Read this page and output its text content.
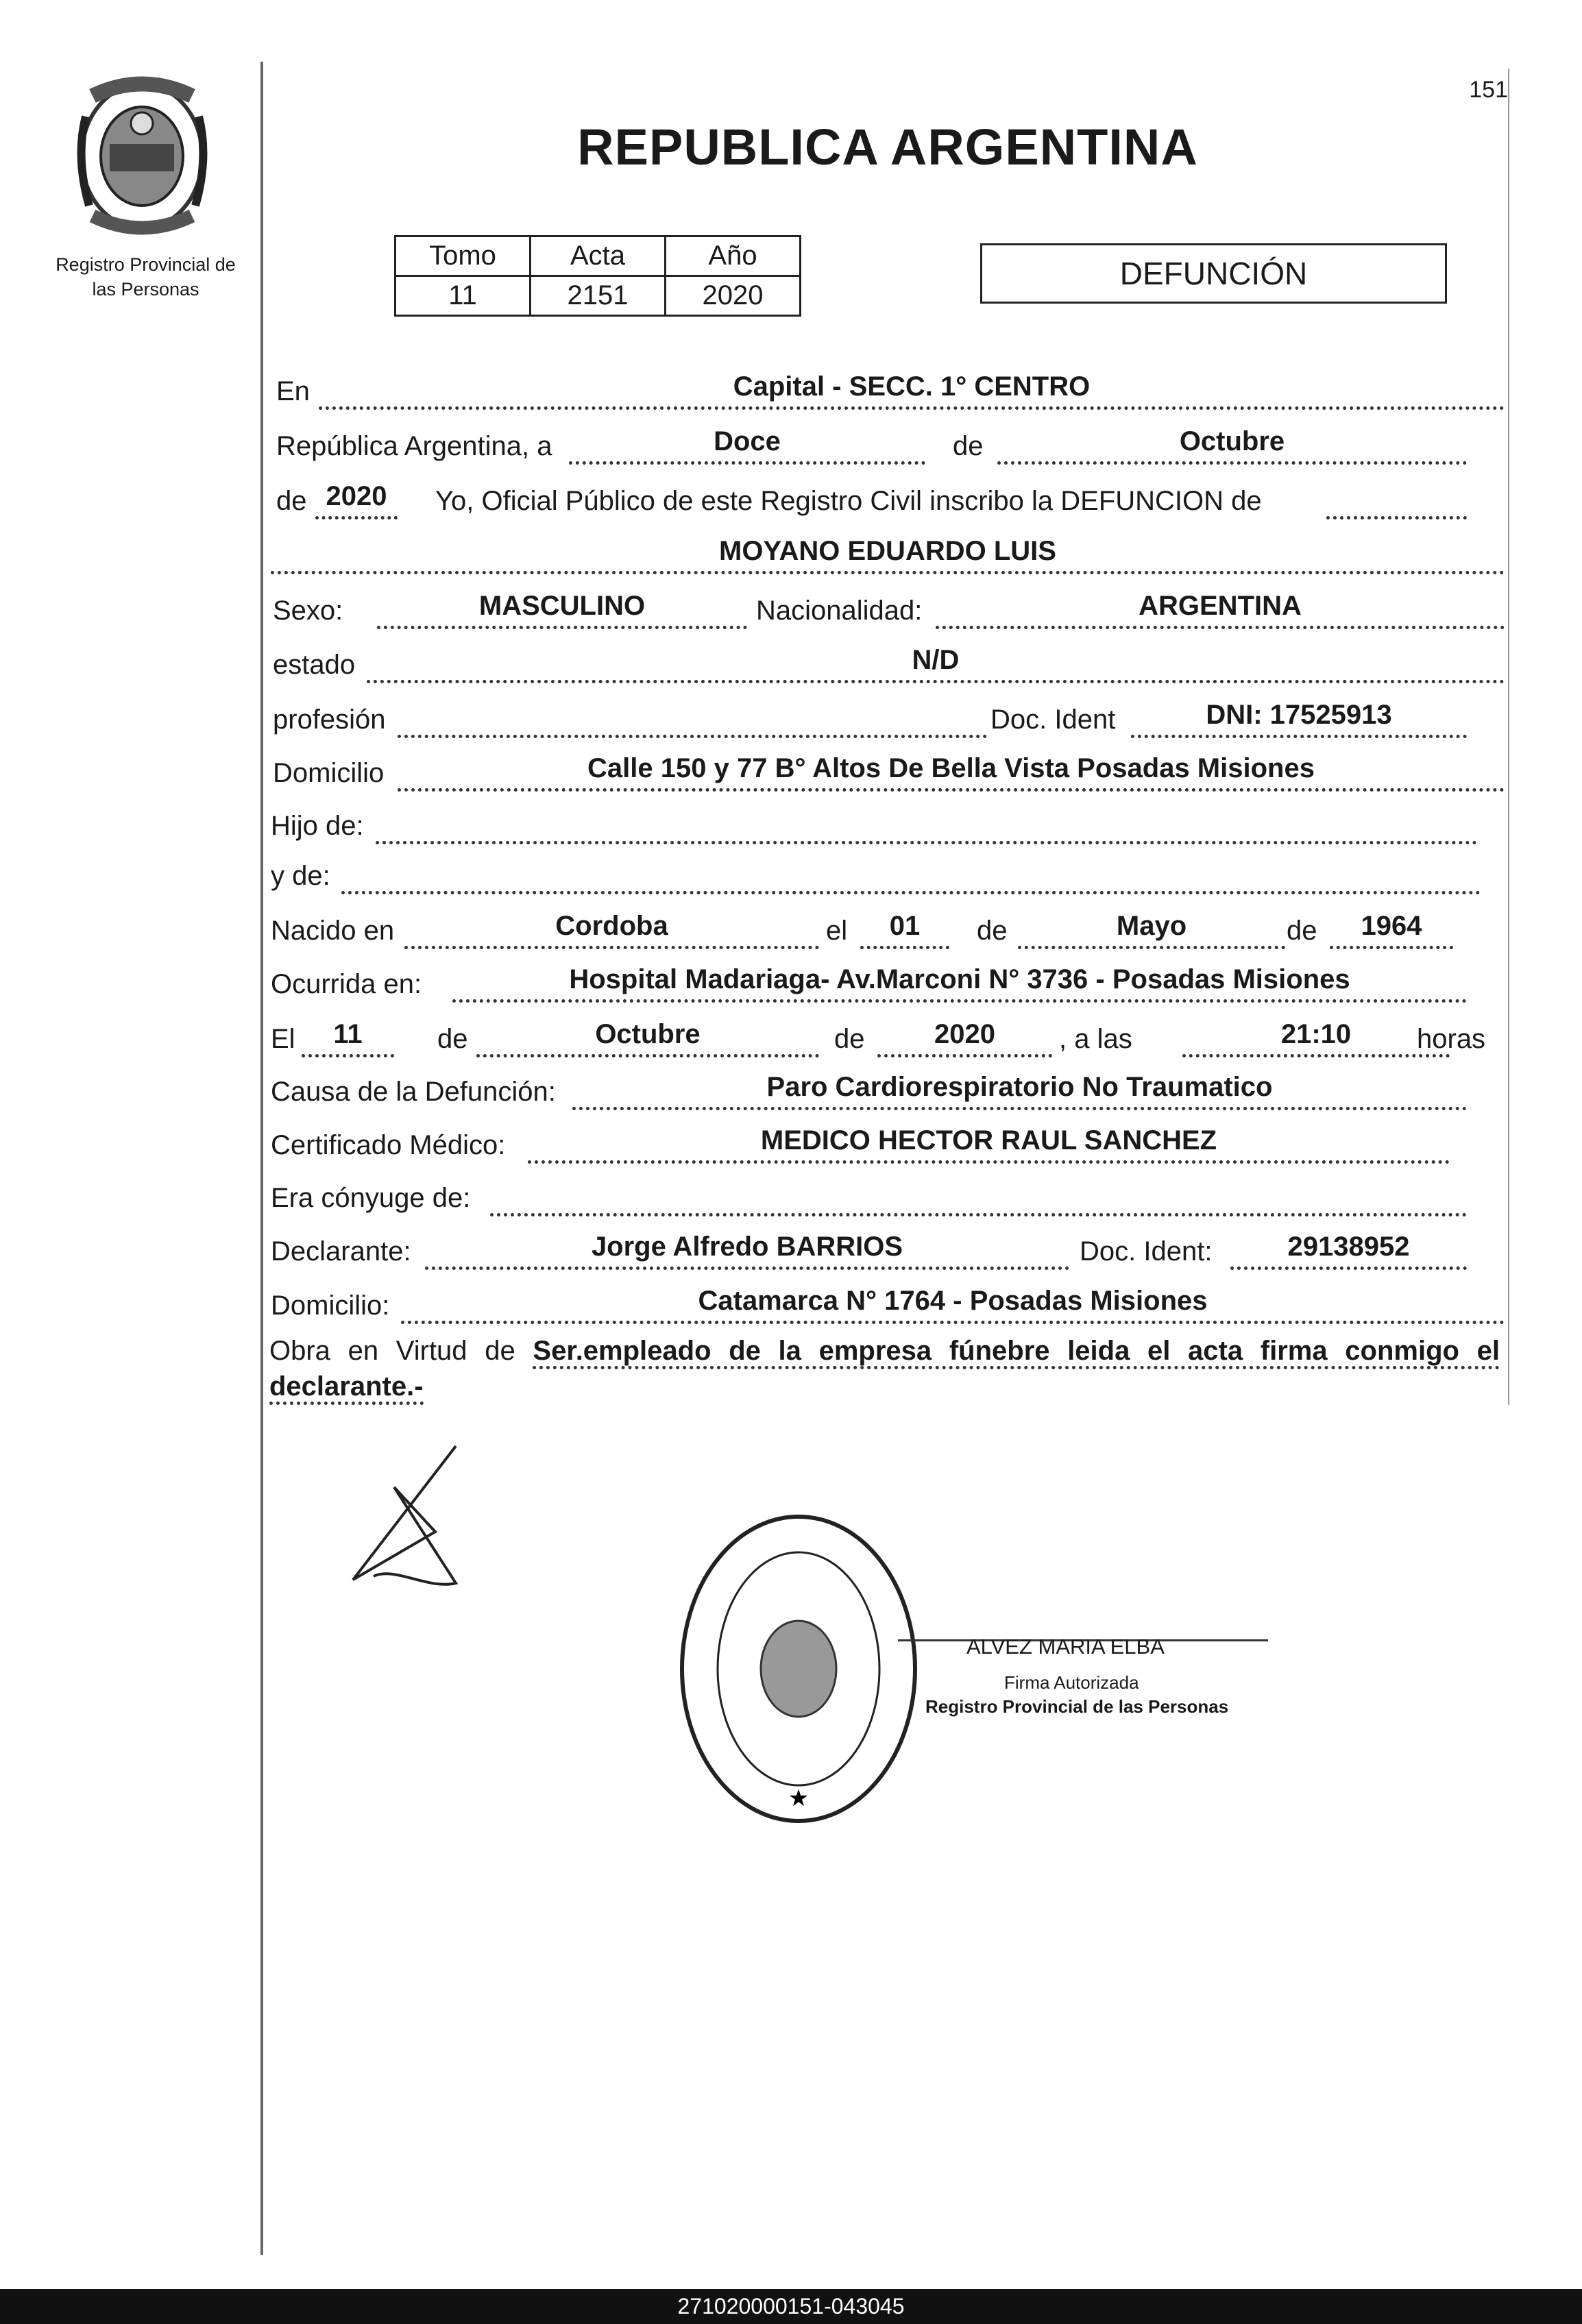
Registro Provincial de
las Personas
151
REPUBLICA ARGENTINA
Tomo	Acta	Año
11	2151	2020
DEFUNCIÓN
En	Capital - SECC. 1° CENTRO
República Argentina, a	Doce	de	Octubre
de 2020	Yo, Oficial Público de este Registro Civil inscribo la DEFUNCION de
MOYANO EDUARDO LUIS
Sexo:	MASCULINO	Nacionalidad:	ARGENTINA
estado	N/D
profesión	Doc. Ident	DNI: 17525913
Domicilio	Calle 150 y 77 B° Altos De Bella Vista Posadas Misiones
Hijo de:
y de:
Nacido en	Cordoba	el	01	de	Mayo	de	1964
Ocurrida en:	Hospital Madariaga- Av.Marconi N° 3736 - Posadas Misiones
El	11	de	Octubre	de	2020	, a las	21:10	horas
Causa de la Defunción:	Paro Cardiorespiratorio No Traumatico
Certificado Médico:	MEDICO HECTOR RAUL SANCHEZ
Era cónyuge de:
Declarante:	Jorge Alfredo BARRIOS	Doc. Ident:	29138952
Domicilio:	Catamarca N° 1764 - Posadas Misiones
Obra en Virtud de Ser.empleado de la empresa fúnebre leida el acta firma conmigo el declarante.-
★
ALVEZ MARIA ELBA
Firma Autorizada
Registro Provincial de las Personas
271020000151-043045
